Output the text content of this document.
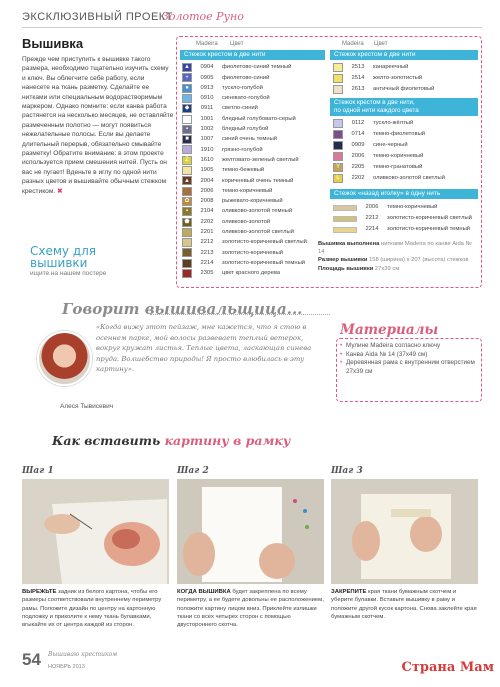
ЭКСКЛЮЗИВНЫЙ ПРОЕКТ
Золотое Руно
Вышивка

Прежде чем приступить к вышивке такого размера, необходимо тщательно изучить схему и ключ. Вы облегчите себе работу, если нанесете на ткань разметку. Сделайте ее нитками или специальным водорастворимым маркером. Однако помните: если канва работа растянется на несколько месяцев, не оставляйте размеченным полотно — могут появиться нежелательные полосы. Если вы делаете длительный перерыв, обязательно смывайте разметку! Обратите внимание: в этом проекте используется прием смешения нитей. Пусть он вас не пугает! Вденьте в иглу по одной нити разных цветов и вышивайте обычным стежком крестиком. ✖

Схему для
вышивки
ищите на нашем постере
Madeira Цвет	Madeira Цвет
Стежок крестом в две нити
▲	0904	фиолетово-синий темный
+	0905	фиолетово-синий
●	0913	тускло-голубой
0910	синевато-голубой
◆	0911	светло-синий
1001	бледный голубовато-серый
▪	1002	бледный голубой
■	1007	синий очень темный
1910	грязно-голубой
Z	1610	желтовато-зеленый светлый
1905	темно-бежевый
▲	2004	коричневый очень темный
2006	темно-коричневый
✿	2008	рыжевато-коричневый
▪	2104	оливково-золотой темный
⬟	2202	оливково-золотой
2201	оливково-золотой светлый
2212	золотисто-коричневый светлый
2213	золотисто-коричневый
2214	золотисто-коричневый темный
2305	цвет красного дерева
Стежок крестом в две нити
2513	канареечный
2514	желто-золотистый
2613	античный фиолетовый
Стежок крестом в две нити,
по одной нити каждого цвета
0112	тускло-жёлтый
0714	темно-фиолетовый
0909	сине-черный
2006	темно-коричневый
Y	2205	темно-гранатовый
L	2202	оливково-золотой светлый
Стежок «назад иголку» в одну нить
2006	темно-коричневый
2212	золотисто-коричневый светлый
2214	золотисто-коричневый темный
Вышивка выполнена нитками Madeira по канве Aida № 14
Размер вышивки 158 (ширина) х 207 (высота) стежков
Площадь вышивки 27х39 см
Говорит вышивальщица...
«Когда вижу этот пейзаж, мне кажется, что я стою в осеннем парке, мой волосы развевает теплый ветерок, вокруг кружат листья. Теплые цвета, ласкающая синева пруда. Волшебство природы! Я просто влюбилась в эту картину».
Алеся Тывисевич
Материалы
• Мулине Madeira согласно ключу
• Канва Aida № 14 (37х49 см)
• Деревянная рама с внутренним отверстием 27х39 см
Как вставить картину в рамку
Шаг 1
ВЫРЕЖЬТЕ задник из белого картона, чтобы его размеры соответствовали внутреннему периметру рамы. Положите дизайн по центру на картонную подложку и приколите к нему ткань булавками, вгыкайте их от центра каждой из сторон.
Шаг 2
КОГДА ВЫШИВКА будет закреплена по всему периметру, а ее будете довольны ее расположением, положите картину лицом вниз. Приклейте излишки ткани со всех четырех сторон с помощью двустороннего скотча.
Шаг 3
ЗАКРЕПИТЕ края ткани бумажным скотчем и уберите булавки. Вставьте вышивку в раму и положите другой кусок картона. Снова заклейте края бумажным скотчем.
54 Вышиваю крестиком
НОЯБРЬ 2013	Страна Мам
